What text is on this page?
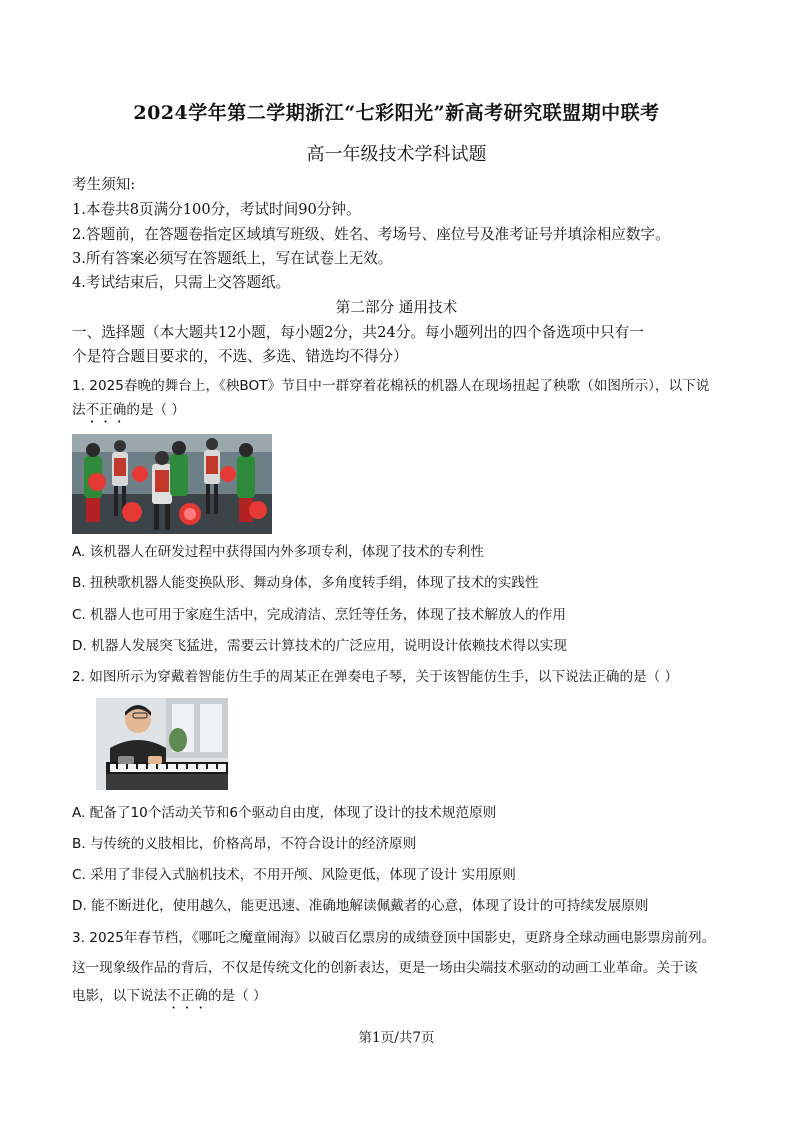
2024学年第二学期浙江“七彩阳光”新高考研究联盟期中联考
高一年级技术学科试题
考生须知:
1.本卷共8页满分100分，考试时间90分钟。
2.答题前，在答题卷指定区域填写班级、姓名、考场号、座位号及准考证号并填涂相应数字。
3.所有答案必须写在答题纸上，写在试卷上无效。
4.考试结束后，只需上交答题纸。
第二部分 通用技术
一、选择题（本大题共12小题，每小题2分，共24分。每小题列出的四个备选项中只有一
个是符合题目要求的，不选、多选、错选均不得分）
1. 2025春晚的舞台上，《秧BOT》节目中一群穿着花棉袄的机器人在现场扭起了秧歌（如图所示），以下说
法不正确的是（ ）
A. 该机器人在研发过程中获得国内外多项专利，体现了技术的专利性
B. 扭秧歌机器人能变换队形、舞动身体，多角度转手绢，体现了技术的实践性
C. 机器人也可用于家庭生活中，完成清洁、烹饪等任务，体现了技术解放人的作用
D. 机器人发展突飞猛进，需要云计算技术的广泛应用，说明设计依赖技术得以实现
2. 如图所示为穿戴着智能仿生手的周某正在弹奏电子琴，关于该智能仿生手，以下说法正确的是（ ）
A. 配备了10个活动关节和6个驱动自由度，体现了设计的技术规范原则
B. 与传统的义肢相比，价格高昂，不符合设计的经济原则
C. 采用了非侵入式脑机技术，不用开颅、风险更低，体现了设计 实用原则
D. 能不断进化，使用越久，能更迅速、准确地解读佩戴者的心意，体现了设计的可持续发展原则
3. 2025年春节档，《哪吒之魔童闹海》以破百亿票房的成绩登顶中国影史，更跻身全球动画电影票房前列。
这一现象级作品的背后，不仅是传统文化的创新表达，更是一场由尖端技术驱动的动画工业革命。关于该
电影，以下说法不正确的是（ ）
第1页/共7页
